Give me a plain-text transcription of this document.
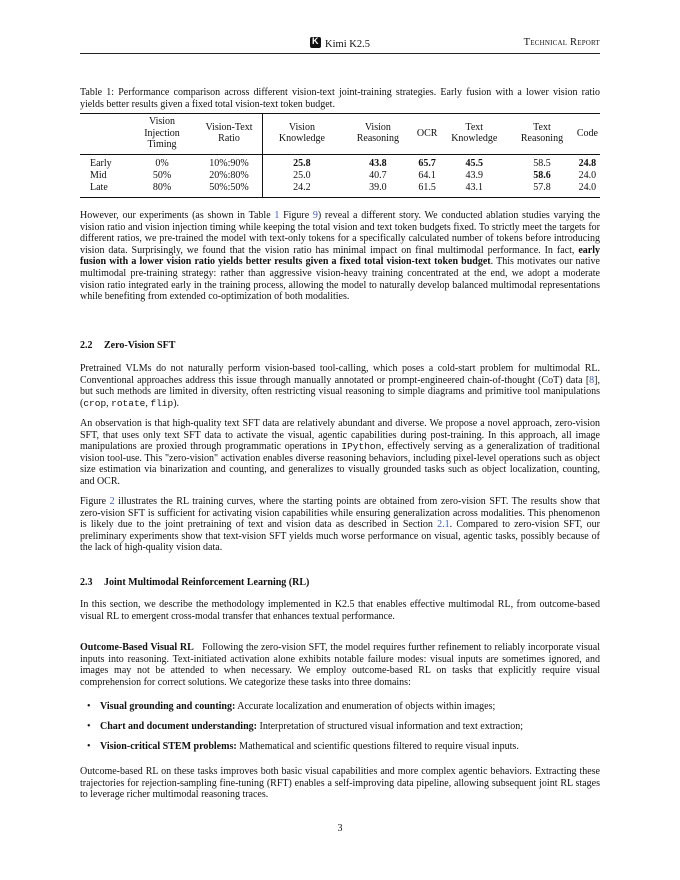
KKimi K2.5	Technical Report
Table 1: Performance comparison across different vision-text joint-training strategies. Early fusion with a lower vision ratio yields better results given a fixed total vision-text token budget.
	Vision Injection Timing	Vision-Text Ratio	Vision Knowledge	Vision Reasoning	OCR	Text Knowledge	Text Reasoning	Code
Early	0%	10%:90%	25.8	43.8	65.7	45.5	58.5	24.8
Mid	50%	20%:80%	25.0	40.7	64.1	43.9	58.6	24.0
Late	80%	50%:50%	24.2	39.0	61.5	43.1	57.8	24.0

However, our experiments (as shown in Table 1 Figure 9) reveal a different story. We conducted ablation studies varying the vision ratio and vision injection timing while keeping the total vision and text token budgets fixed. To strictly meet the targets for different ratios, we pre-trained the model with text-only tokens for a specifically calculated number of tokens before introducing vision data. Surprisingly, we found that the vision ratio has minimal impact on final multimodal performance. In fact, early fusion with a lower vision ratio yields better results given a fixed total vision-text token budget. This motivates our native multimodal pre-training strategy: rather than aggressive vision-heavy training concentrated at the end, we adopt a moderate vision ratio integrated early in the training process, allowing the model to naturally develop balanced multimodal representations while benefiting from extended co-optimization of both modalities.

2.2 Zero-Vision SFT

Pretrained VLMs do not naturally perform vision-based tool-calling, which poses a cold-start problem for multimodal RL. Conventional approaches address this issue through manually annotated or prompt-engineered chain-of-thought (CoT) data [8], but such methods are limited in diversity, often restricting visual reasoning to simple diagrams and primitive tool manipulations (crop, rotate, flip).

An observation is that high-quality text SFT data are relatively abundant and diverse. We propose a novel approach, zero-vision SFT, that uses only text SFT data to activate the visual, agentic capabilities during post-training. In this approach, all image manipulations are proxied through programmatic operations in IPython, effectively serving as a generalization of traditional vision tool-use. This "zero-vision" activation enables diverse reasoning behaviors, including pixel-level operations such as object size estimation via binarization and counting, and generalizes to visually grounded tasks such as object localization, counting, and OCR.

Figure 2 illustrates the RL training curves, where the starting points are obtained from zero-vision SFT. The results show that zero-vision SFT is sufficient for activating vision capabilities while ensuring generalization across modalities. This phenomenon is likely due to the joint pretraining of text and vision data as described in Section 2.1. Compared to zero-vision SFT, our preliminary experiments show that text-vision SFT yields much worse performance on visual, agentic tasks, possibly because of the lack of high-quality vision data.

2.3 Joint Multimodal Reinforcement Learning (RL)

In this section, we describe the methodology implemented in K2.5 that enables effective multimodal RL, from outcome-based visual RL to emergent cross-modal transfer that enhances textual performance.

Outcome-Based Visual RL Following the zero-vision SFT, the model requires further refinement to reliably incorporate visual inputs into reasoning. Text-initiated activation alone exhibits notable failure modes: visual inputs are sometimes ignored, and images may not be attended to when necessary. We employ outcome-based RL on tasks that explicitly require visual comprehension for correct solutions. We categorize these tasks into three domains:

• Visual grounding and counting: Accurate localization and enumeration of objects within images;
• Chart and document understanding: Interpretation of structured visual information and text extraction;
• Vision-critical STEM problems: Mathematical and scientific questions filtered to require visual inputs.

Outcome-based RL on these tasks improves both basic visual capabilities and more complex agentic behaviors. Extracting these trajectories for rejection-sampling fine-tuning (RFT) enables a self-improving data pipeline, allowing subsequent joint RL stages to leverage richer multimodal reasoning traces.

3
